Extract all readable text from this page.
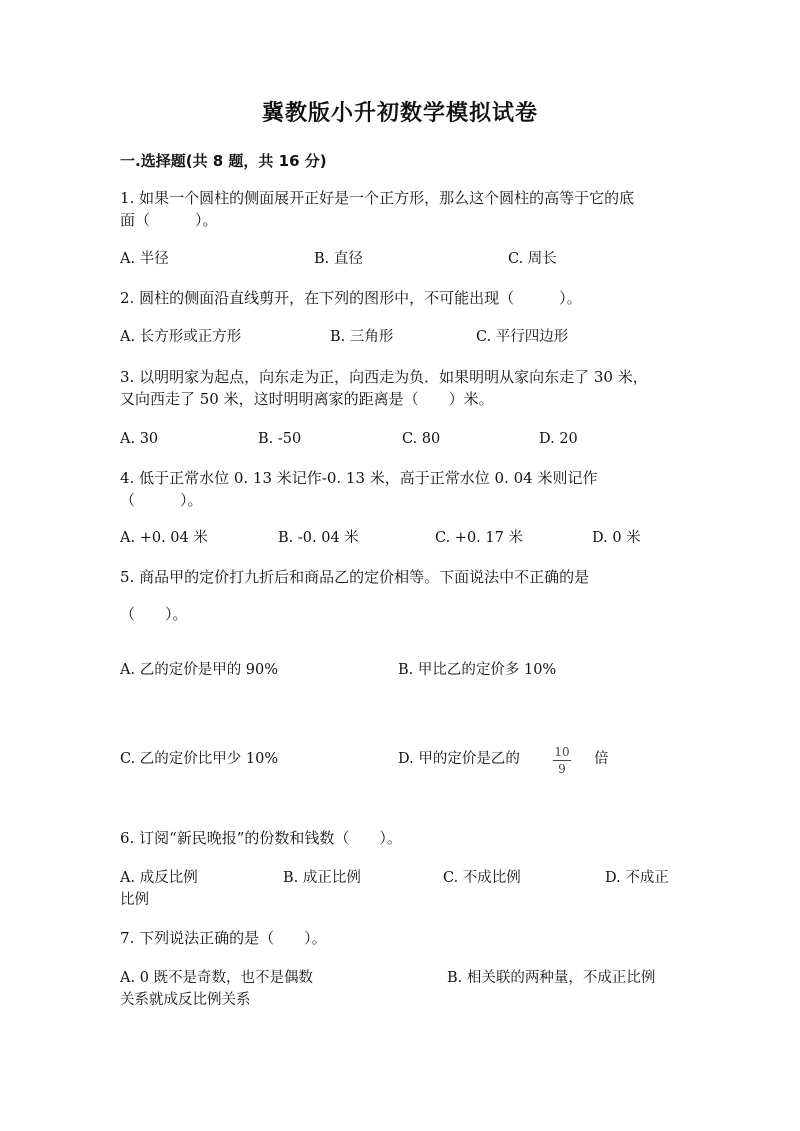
冀教版小升初数学模拟试卷
一.选择题(共 8 题，共 16 分)
1. 如果一个圆柱的侧面展开正好是一个正方形，那么这个圆柱的高等于它的底
面（　　　）。
A. 半径	B. 直径	C. 周长
2. 圆柱的侧面沿直线剪开，在下列的图形中，不可能出现（　　　）。
A. 长方形或正方形	B. 三角形	C. 平行四边形
3. 以明明家为起点，向东走为正，向西走为负．如果明明从家向东走了 30 米，
又向西走了 50 米，这时明明离家的距离是（　　）米。
A. 30	B. -50	C. 80	D. 20
4. 低于正常水位 0. 13 米记作-0. 13 米，高于正常水位 0. 04 米则记作
（　　　）。
A. +0. 04 米	B. -0. 04 米	C. +0. 17 米	D. 0 米
5. 商品甲的定价打九折后和商品乙的定价相等。下面说法中不正确的是
（　　）。
A. 乙的定价是甲的 90%	B. 甲比乙的定价多 10%
C. 乙的定价比甲少 10%	D. 甲的定价是乙的	10
9
倍
6. 订阅“新民晚报”的份数和钱数（　　）。
A. 成反比例	B. 成正比例	C. 不成比例	D. 不成正
比例
7. 下列说法正确的是（　　）。
A. 0 既不是奇数，也不是偶数	B. 相关联的两种量，不成正比例
关系就成反比例关系
